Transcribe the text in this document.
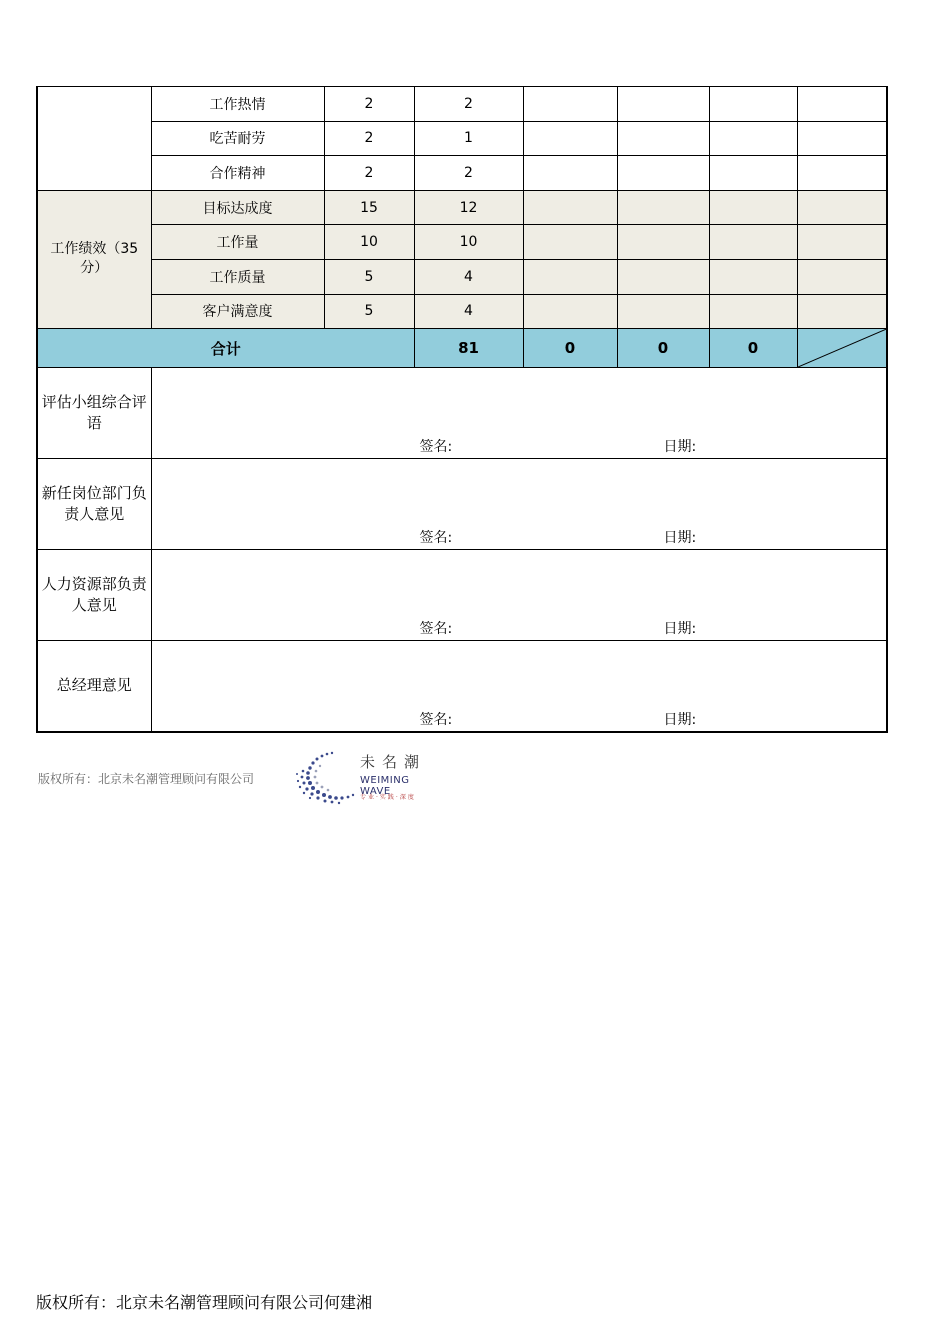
	工作热情	2	2				
	吃苦耐劳	2	1				
	合作精神	2	2				
工作绩效（35分）	目标达成度	15	12				
	工作量	10	10				
	工作质量	5	4				
	客户满意度	5	4				
合计			81	0	0	0	

评估小组综合评语	签名: 日期:						

新任岗位部门负责人意见	签名: 日期:						

人力资源部负责人意见	签名: 日期:						

总经理意见	签名: 日期:						
版权所有：北京未名潮管理顾问有限公司
未名潮
WEIMING WAVE
专业·实践·深度
版权所有：北京未名潮管理顾问有限公司何建湘
